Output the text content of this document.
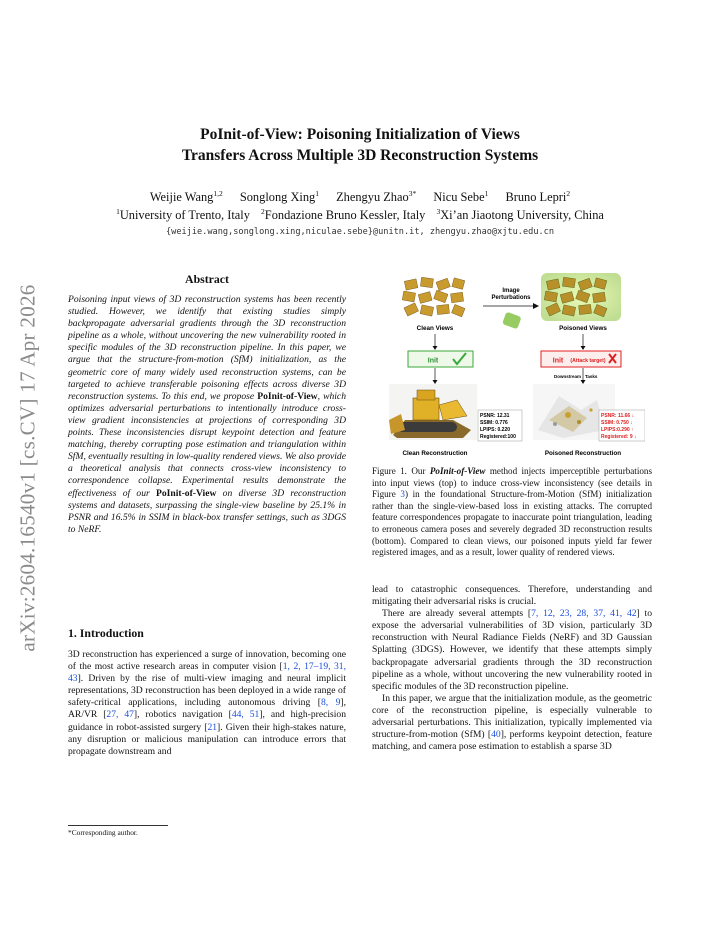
arXiv:2604.16540v1 [cs.CV] 17 Apr 2026
PoInit-of-View: Poisoning Initialization of Views
Transfers Across Multiple 3D Reconstruction Systems
Weijie Wang$^{1,2}$ Songlong Xing$^1$ Zhengyu Zhao$^{3*}$ Nicu Sebe$^1$ Bruno Lepri$^2$
$^1$University of Trento, Italy $^2$Fondazione Bruno Kessler, Italy $^3$Xi’an Jiaotong University, China
{weijie.wang,songlong.xing,niculae.sebe}@unitn.it, zhengyu.zhao@xjtu.edu.cn
Abstract
Poisoning input views of 3D reconstruction systems has been recently studied. However, we identify that existing studies simply backpropagate adversarial gradients through the 3D reconstruction pipeline as a whole, without uncovering the new vulnerability rooted in specific modules of the 3D reconstruction pipeline. In this paper, we argue that the structure-from-motion (SfM) initialization, as the geometric core of many widely used reconstruction systems, can be targeted to achieve transferable poisoning effects across diverse 3D reconstruction systems. To this end, we propose PoInit-of-View, which optimizes adversarial perturbations to intentionally introduce cross-view gradient inconsistencies at projections of corresponding 3D points. These inconsistencies disrupt keypoint detection and feature matching, thereby corrupting pose estimation and triangulation within SfM, eventually resulting in low-quality rendered views. We also provide a theoretical analysis that connects cross-view inconsistency to correspondence collapse. Experimental results demonstrate the effectiveness of our PoInit-of-View on diverse 3D reconstruction systems and datasets, surpassing the single-view baseline by 25.1% in PSNR and 16.5% in SSIM in black-box transfer settings, such as 3DGS to NeRF.
1. Introduction

3D reconstruction has experienced a surge of innovation, becoming one of the most active research areas in computer vision [1, 2, 17–19, 31, 43]. Driven by the rise of multi-view imaging and neural implicit representations, 3D reconstruction has been deployed in a wide range of safety-critical applications, including autonomous driving [8, 9], AR/VR [27, 47], robotics navigation [44, 51], and high-precision guidance in robot-assisted surgery [21]. Given their high-stakes nature, any disruption or malicious manipulation can introduce errors that propagate downstream and

*Corresponding author.
Image Perturbations
Clean Views	Poisoned Views
Init	Init (Attack target)
Downstream Tasks
PSNR: 12.31
SSIM: 0.776
LPIPS: 0.220
Registered:100
PSNR: 11.66 ↓
SSIM: 0.750 ↓
LPIPS:0.290 ↑
Registered: 9 ↓
Clean Reconstruction	Poisoned Reconstruction
Figure 1. Our PoInit-of-View method injects imperceptible perturbations into input views (top) to induce cross-view inconsistency (see details in Figure 3) in the foundational Structure-from-Motion (SfM) initialization rather than the single-view-based loss in existing attacks. The corrupted feature correspondences propagate to inaccurate point triangulation, leading to erroneous camera poses and severely degraded 3D reconstruction results (bottom). Compared to clean views, our poisoned inputs yield far fewer registered images, and as a result, lower quality of rendered views.

lead to catastrophic consequences. Therefore, understanding and mitigating their adversarial risks is crucial.

There are already several attempts [7, 12, 23, 28, 37, 41, 42] to expose the adversarial vulnerabilities of 3D vision, particularly 3D reconstruction with Neural Radiance Fields (NeRF) and 3D Gaussian Splatting (3DGS). However, we identify that these attempts simply backpropagate adversarial gradients through the 3D reconstruction pipeline as a whole, without uncovering the new vulnerability rooted in specific modules of the 3D reconstruction pipeline.

In this paper, we argue that the initialization module, as the geometric core of the reconstruction pipeline, is especially vulnerable to adversarial perturbations. This initialization, typically implemented via structure-from-motion (SfM) [40], performs keypoint detection, feature matching, and camera pose estimation to establish a sparse 3D
